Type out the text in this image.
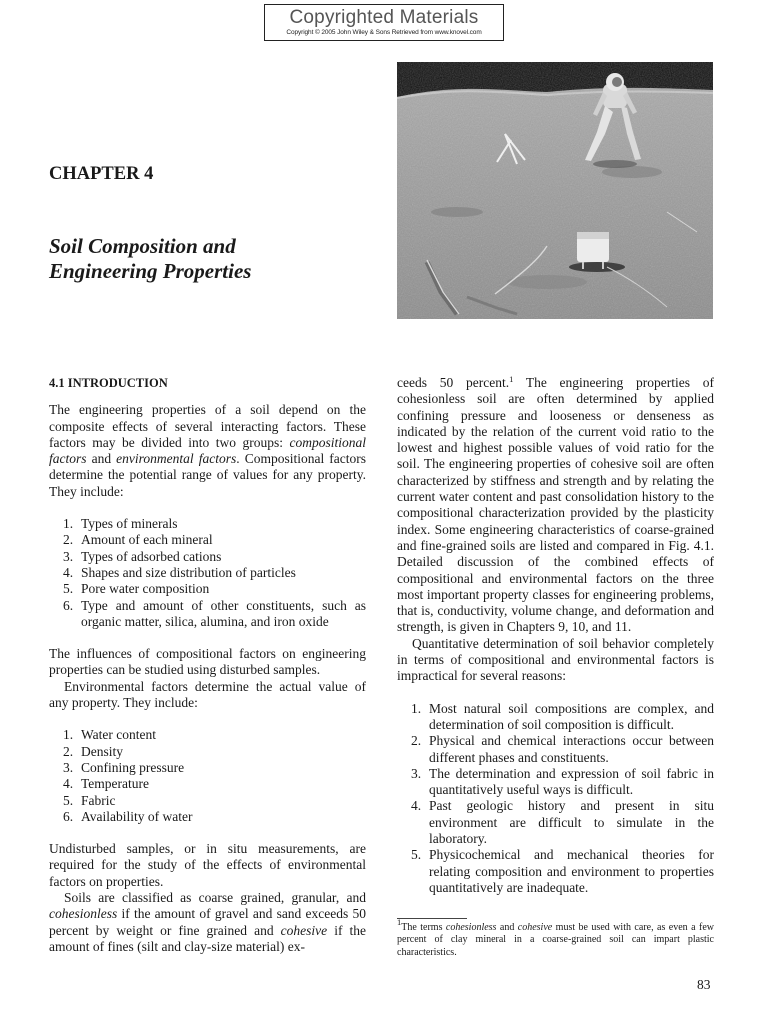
Copyrighted Materials
Copyright © 2005 John Wiley & Sons Retrieved from www.knovel.com
CHAPTER 4
Soil Composition and
Engineering Properties
4.1 INTRODUCTION

The engineering properties of a soil depend on the composite effects of several interacting factors. These factors may be divided into two groups: compositional factors and environmental factors. Compositional factors determine the potential range of values for any property. They include:

1. Types of minerals
2. Amount of each mineral
3. Types of adsorbed cations
4. Shapes and size distribution of particles
5. Pore water composition
6. Type and amount of other constituents, such as organic matter, silica, alumina, and iron oxide

The influences of compositional factors on engineering properties can be studied using disturbed samples.

Environmental factors determine the actual value of any property. They include:

1. Water content
2. Density
3. Confining pressure
4. Temperature
5. Fabric
6. Availability of water

Undisturbed samples, or in situ measurements, are required for the study of the effects of environmental factors on properties.

Soils are classified as coarse grained, granular, and cohesionless if the amount of gravel and sand exceeds 50 percent by weight or fine grained and cohesive if the amount of fines (silt and clay-size material) ex-

ceeds 50 percent.$^1$ The engineering properties of cohesionless soil are often determined by applied confining pressure and looseness or denseness as indicated by the relation of the current void ratio to the lowest and highest possible values of void ratio for the soil. The engineering properties of cohesive soil are often characterized by stiffness and strength and by relating the current water content and past consolidation history to the compositional characterization provided by the plasticity index. Some engineering characteristics of coarse-grained and fine-grained soils are listed and compared in Fig. 4.1. Detailed discussion of the combined effects of compositional and environmental factors on the three most important property classes for engineering problems, that is, conductivity, volume change, and deformation and strength, is given in Chapters 9, 10, and 11.

Quantitative determination of soil behavior completely in terms of compositional and environmental factors is impractical for several reasons:

1. Most natural soil compositions are complex, and determination of soil composition is difficult.
2. Physical and chemical interactions occur between different phases and constituents.
3. The determination and expression of soil fabric in quantitatively useful ways is difficult.
4. Past geologic history and present in situ environment are difficult to simulate in the laboratory.
5. Physicochemical and mechanical theories for relating composition and environment to properties quantitatively are inadequate.

$^1$The terms cohesionless and cohesive must be used with care, as even a few percent of clay mineral in a coarse-grained soil can impart plastic characteristics.

83
